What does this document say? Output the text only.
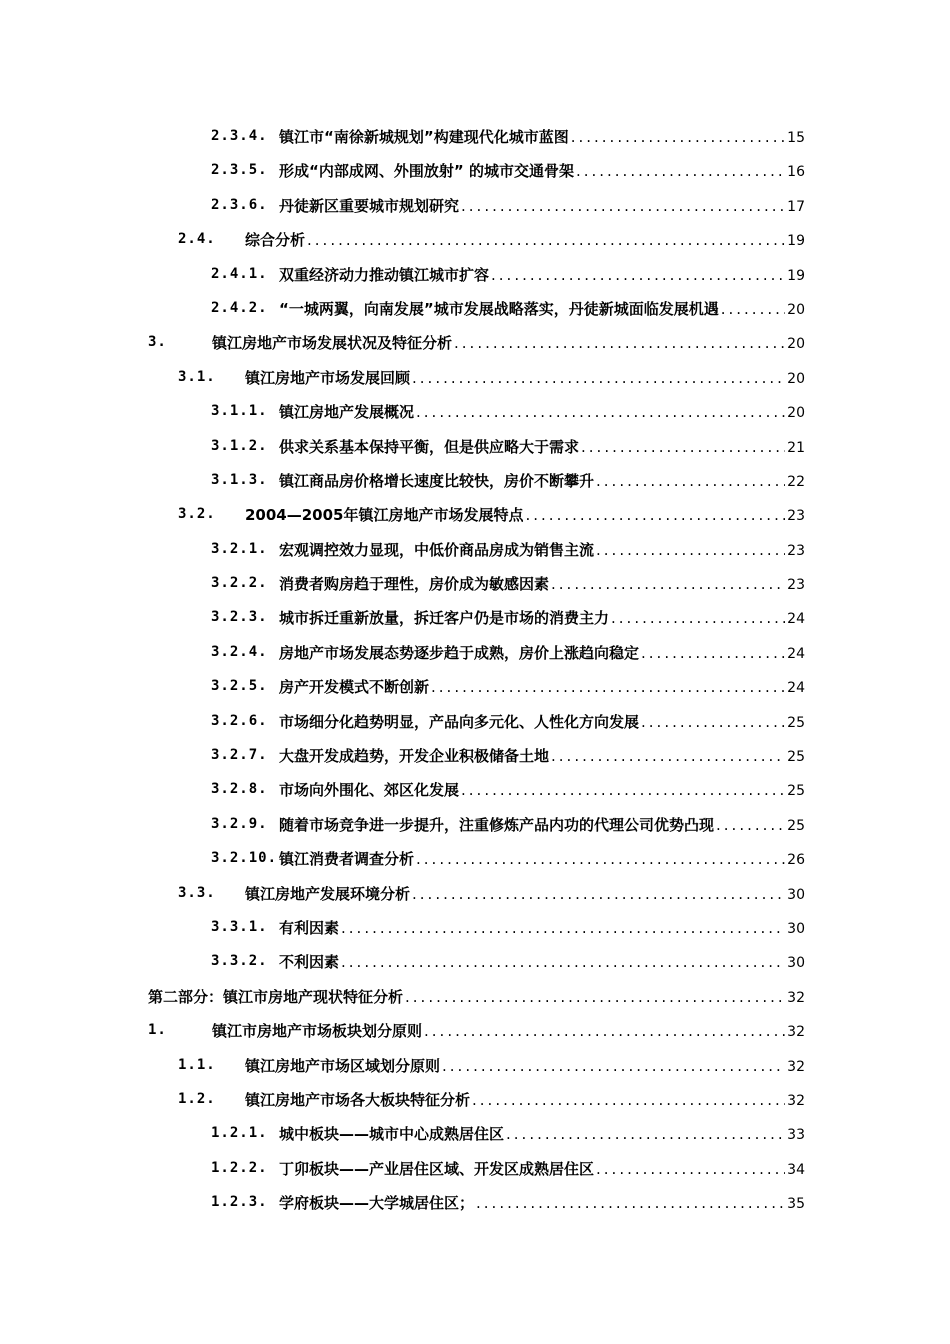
2.3.4. 镇江市“南徐新城规划”构建现代化城市蓝图 .....	15
2.3.5. 形成“内部成网、外围放射” 的城市交通骨架 .....	16
2.3.6. 丹徒新区重要城市规划研究 .....	17
2.4. 综合分析 .....	19
2.4.1. 双重经济动力推动镇江城市扩容 .....	19
2.4.2. “一城两翼，向南发展”城市发展战略落实，丹徒新城面临发展机遇 .....	20
3.	镇江房地产市场发展状况及特征分析 .....	20
3.1. 镇江房地产市场发展回顾 .....	20
3.1.1. 镇江房地产发展概况 .....	20
3.1.2. 供求关系基本保持平衡，但是供应略大于需求 .....	21
3.1.3. 镇江商品房价格增长速度比较快，房价不断攀升 .....	22
3.2. 2004—2005年镇江房地产市场发展特点 .....	23
3.2.1. 宏观调控效力显现，中低价商品房成为销售主流 .....	23
3.2.2. 消费者购房趋于理性，房价成为敏感因素 .....	23
3.2.3. 城市拆迁重新放量，拆迁客户仍是市场的消费主力 .....	24
3.2.4. 房地产市场发展态势逐步趋于成熟，房价上涨趋向稳定 .....	24
3.2.5. 房产开发模式不断创新 .....	24
3.2.6. 市场细分化趋势明显，产品向多元化、人性化方向发展 .....	25
3.2.7. 大盘开发成趋势，开发企业积极储备土地 .....	25
3.2.8. 市场向外围化、郊区化发展 .....	25
3.2.9. 随着市场竞争进一步提升，注重修炼产品内功的代理公司优势凸现 .....	25
3.2.10. 镇江消费者调查分析 .....	26
3.3. 镇江房地产发展环境分析 .....	30
3.3.1. 有利因素 .....	30
3.3.2. 不利因素 .....	30
第二部分：镇江市房地产现状特征分析 .....	32
1.	镇江市房地产市场板块划分原则 .....	32
1.1. 镇江房地产市场区域划分原则 .....	32
1.2. 镇江房地产市场各大板块特征分析 .....	32
1.2.1. 城中板块——城市中心成熟居住区 .....	33
1.2.2. 丁卯板块——产业居住区域、开发区成熟居住区 .....	34
1.2.3. 学府板块——大学城居住区； .....	35
